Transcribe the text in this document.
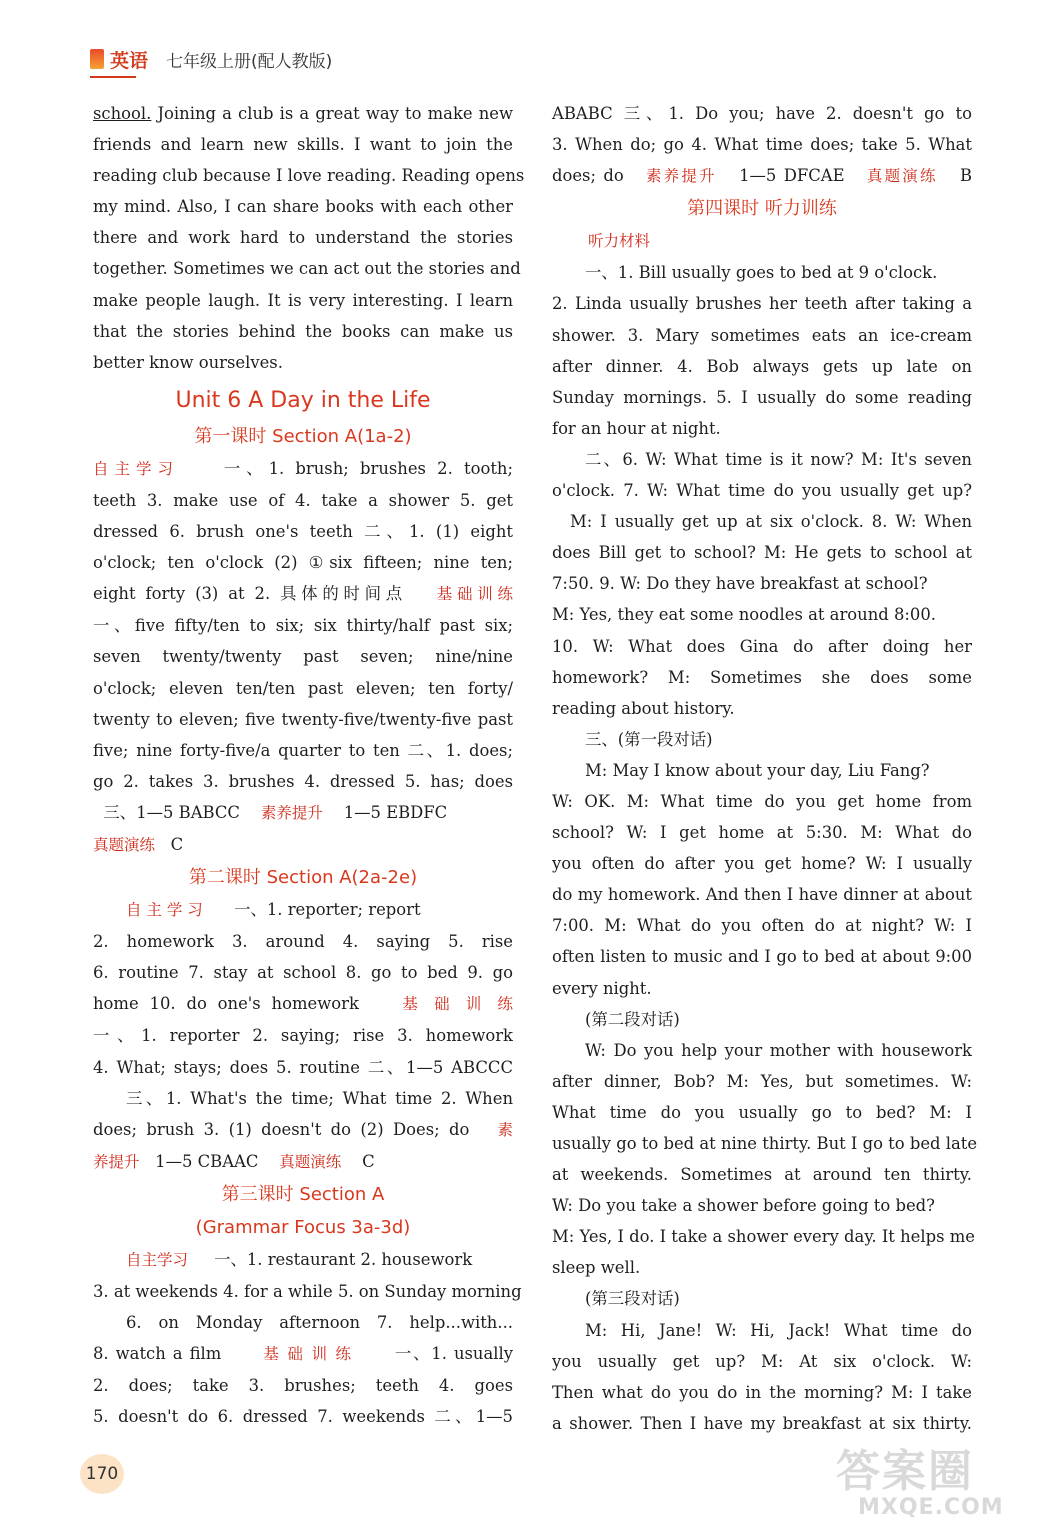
英语 七年级上册(配人教版)

school. Joining a club is a great way to make new

friends and learn new skills. I want to join the

reading club because I love reading. Reading opens

my mind. Also, I can share books with each other

there and work hard to understand the stories

together. Sometimes we can act out the stories and

make people laugh. It is very interesting. I learn

that the stories behind the books can make us

better know ourselves.

Unit 6 A Day in the Life
第一课时 Section A(1a-2)

自主学习	一、1. brush; brushes 2. tooth;

teeth 3. make use of 4. take a shower 5. get

dressed 6. brush one's teeth 二、1. (1) eight

o'clock; ten o'clock (2) ①six fifteen; nine ten;

eight forty (3) at 2. 具体的时间点 基础训练

一、five fifty/ten to six; six thirty/half past six;

seven twenty/twenty past seven; nine/nine

o'clock; eleven ten/ten past eleven; ten forty/

twenty to eleven; five twenty-five/twenty-five past

five; nine forty-five/a quarter to ten 二、1. does;

go 2. takes 3. brushes 4. dressed 5. has; does

三、1—5 BABCC 素养提升 1—5 EBDFC

真题演练 C

第二课时 Section A(2a-2e)

自 主 学 习 一、1. reporter; report

2. homework 3. around 4. saying 5. rise

6. routine 7. stay at school 8. go to bed 9. go

home 10. do one's homework	基 础 训 练

一、1. reporter 2. saying; rise 3. homework

4. What; stays; does 5. routine 二、1—5 ABCCC

三、1. What's the time; What time 2. When

does; brush 3. (1) doesn't do (2) Does; do 素

养提升 1—5 CBAAC 真题演练 C

第三课时 Section A
(Grammar Focus 3a-3d)

自主学习 一、1. restaurant 2. housework

3. at weekends 4. for a while 5. on Sunday morning

6. on Monday afternoon 7. help...with...

8. watch a film	基 础 训 练	一、1. usually

2. does; take 3. brushes; teeth 4. goes

5. doesn't do 6. dressed 7. weekends 二、1—5

ABABC 三、1. Do you; have 2. doesn't go to

3. When do; go 4. What time does; take 5. What

does; do 素养提升 1—5 DFCAE 真题演练 B

第四课时 听力训练

听力材料

一、1. Bill usually goes to bed at 9 o'clock.

2. Linda usually brushes her teeth after taking a

shower. 3. Mary sometimes eats an ice-cream

after dinner. 4. Bob always gets up late on

Sunday mornings. 5. I usually do some reading

for an hour at night.

二、6. W: What time is it now? M: It's seven

o'clock. 7. W: What time do you usually get up?

M: I usually get up at six o'clock. 8. W: When

does Bill get to school? M: He gets to school at

7:50. 9. W: Do they have breakfast at school?

M: Yes, they eat some noodles at around 8:00.

10. W: What does Gina do after doing her

homework? M: Sometimes she does some

reading about history.

三、(第一段对话)

M: May I know about your day, Liu Fang?

W: OK. M: What time do you get home from

school? W: I get home at 5:30. M: What do

you often do after you get home? W: I usually

do my homework. And then I have dinner at about

7:00. M: What do you often do at night? W: I

often listen to music and I go to bed at about 9:00

every night.

(第二段对话)

W: Do you help your mother with housework

after dinner, Bob? M: Yes, but sometimes. W:

What time do you usually go to bed? M: I

usually go to bed at nine thirty. But I go to bed late

at weekends. Sometimes at around ten thirty.

W: Do you take a shower before going to bed?

M: Yes, I do. I take a shower every day. It helps me

sleep well.

(第三段对话)

M: Hi, Jane! W: Hi, Jack! What time do

you usually get up? M: At six o'clock. W:

Then what do you do in the morning? M: I take

a shower. Then I have my breakfast at six thirty.

170	答案圈
MXQE.COM
